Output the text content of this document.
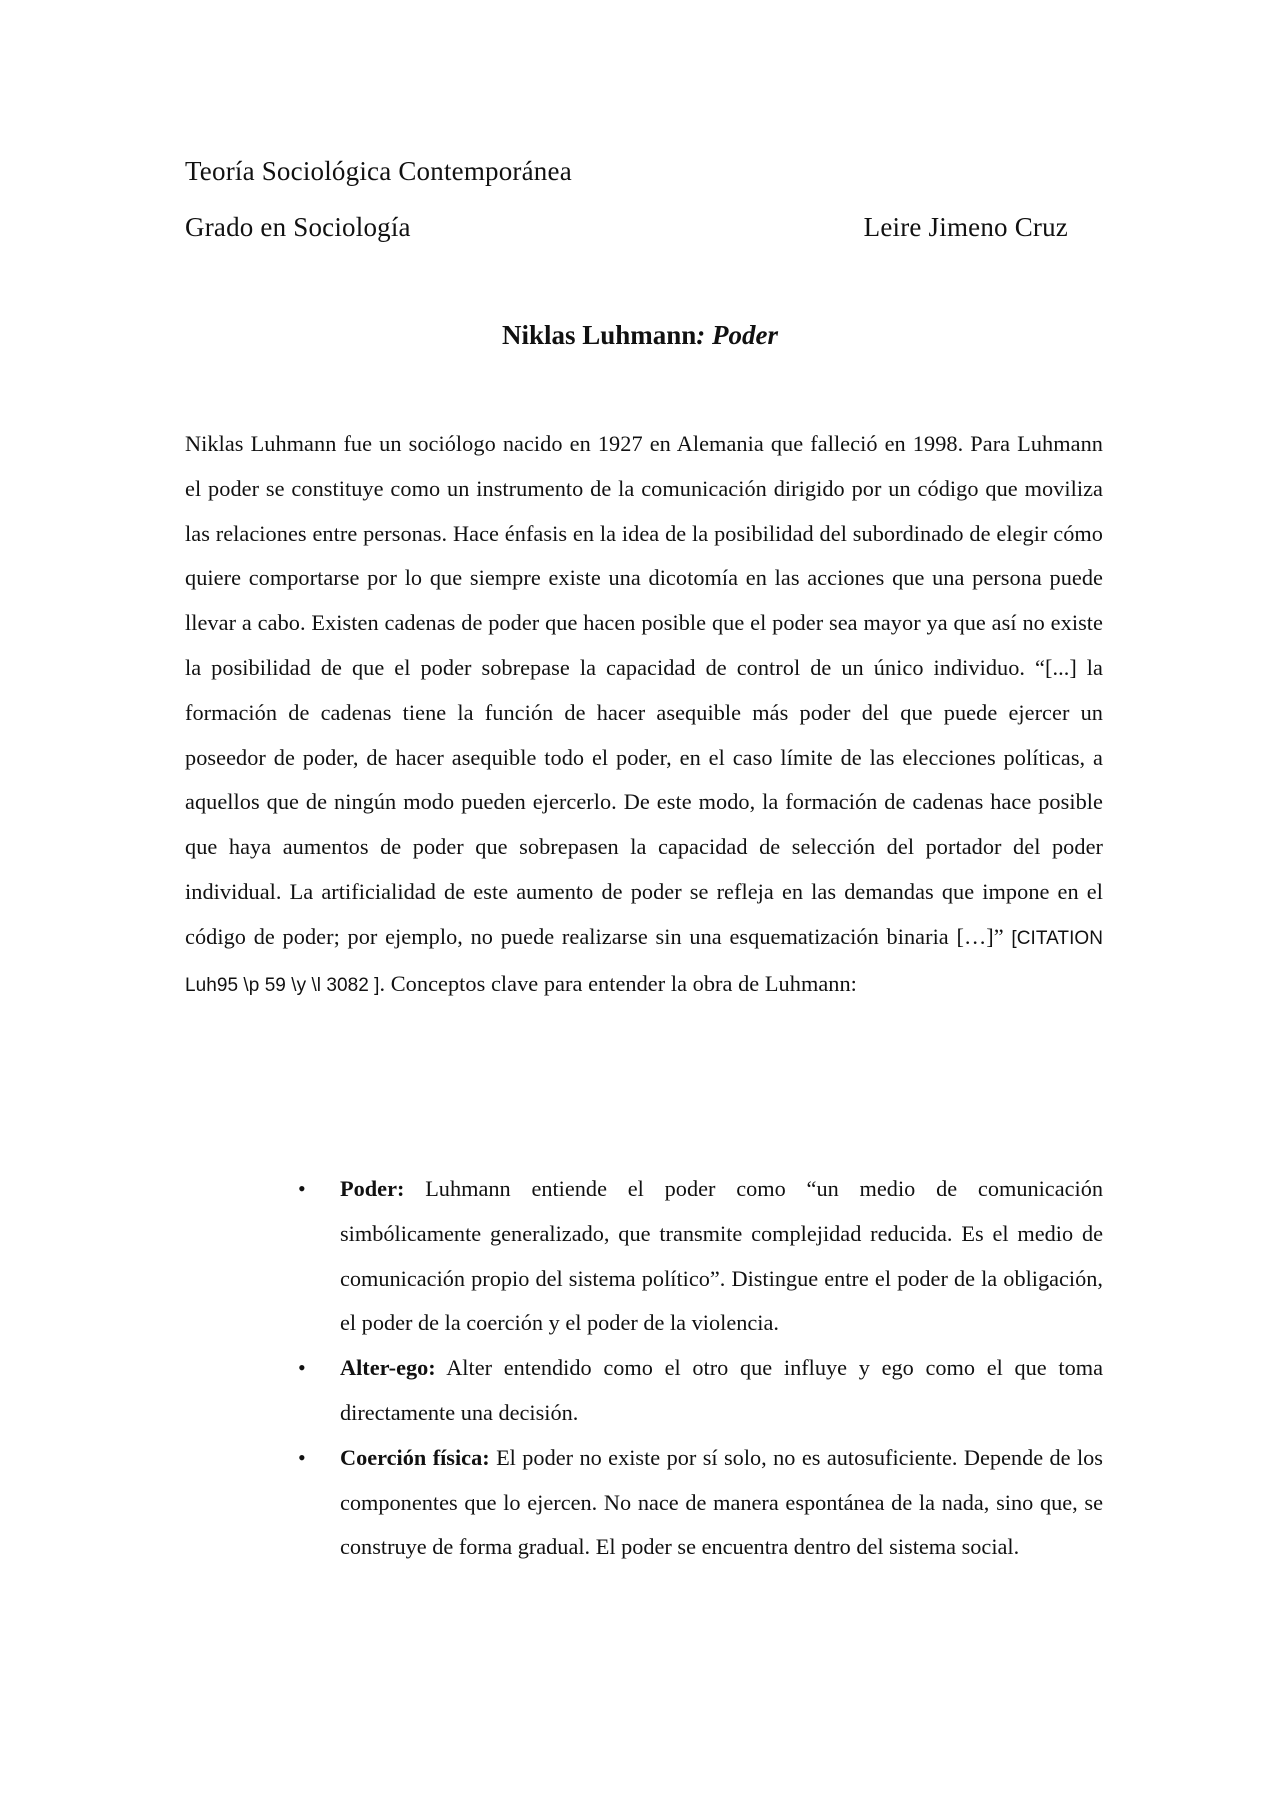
Teoría Sociológica Contemporánea
Grado en Sociología	Leire Jimeno Cruz
Niklas Luhmann: Poder

Niklas Luhmann fue un sociólogo nacido en 1927 en Alemania que falleció en 1998. Para Luhmann el poder se constituye como un instrumento de la comunicación dirigido por un código que moviliza las relaciones entre personas. Hace énfasis en la idea de la posibilidad del subordinado de elegir cómo quiere comportarse por lo que siempre existe una dicotomía en las acciones que una persona puede llevar a cabo. Existen cadenas de poder que hacen posible que el poder sea mayor ya que así no existe la posibilidad de que el poder sobrepase la capacidad de control de un único individuo. “[...] la formación de cadenas tiene la función de hacer asequible más poder del que puede ejercer un poseedor de poder, de hacer asequible todo el poder, en el caso límite de las elecciones políticas, a aquellos que de ningún modo pueden ejercerlo. De este modo, la formación de cadenas hace posible que haya aumentos de poder que sobrepasen la capacidad de selección del portador del poder individual. La artificialidad de este aumento de poder se refleja en las demandas que impone en el código de poder; por ejemplo, no puede realizarse sin una esquematización binaria […]” [CITATION Luh95 \p 59 \y \l 3082 ]. Conceptos clave para entender la obra de Luhmann:

• Poder: Luhmann entiende el poder como “un medio de comunicación simbólicamente generalizado, que transmite complejidad reducida. Es el medio de comunicación propio del sistema político”. Distingue entre el poder de la obligación, el poder de la coerción y el poder de la violencia.
• Alter-ego: Alter entendido como el otro que influye y ego como el que toma directamente una decisión.
• Coerción física: El poder no existe por sí solo, no es autosuficiente. Depende de los componentes que lo ejercen. No nace de manera espontánea de la nada, sino que, se construye de forma gradual. El poder se encuentra dentro del sistema social.
